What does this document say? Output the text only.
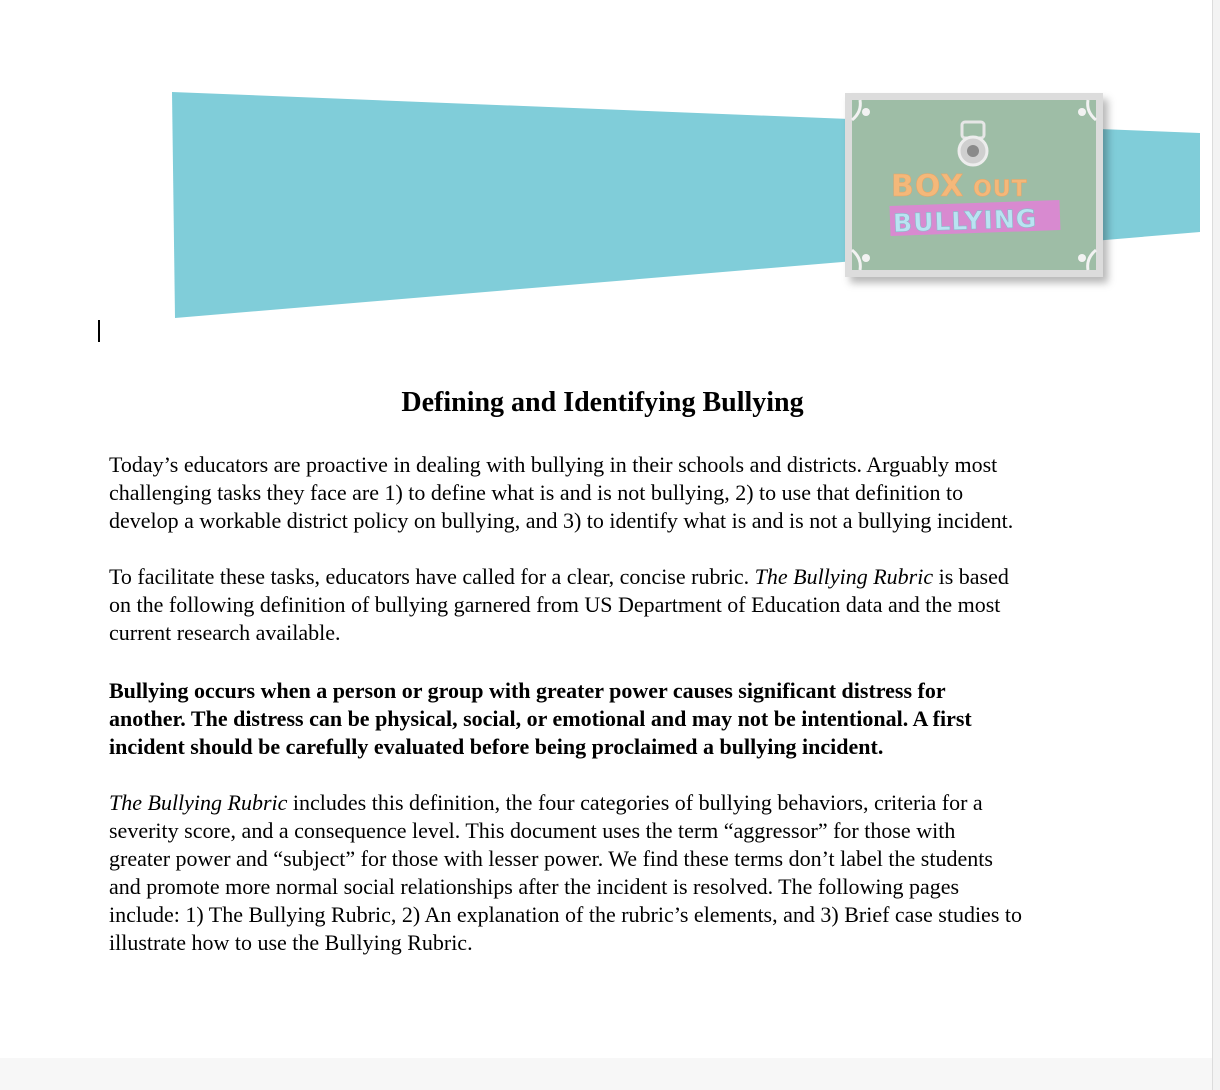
BOX OUT
BULLYING
Defining and Identifying Bullying

Today’s educators are proactive in dealing with bullying in their schools and districts. Arguably most
challenging tasks they face are 1) to define what is and is not bullying, 2) to use that definition to
develop a workable district policy on bullying, and 3) to identify what is and is not a bullying incident.

To facilitate these tasks, educators have called for a clear, concise rubric. The Bullying Rubric is based
on the following definition of bullying garnered from US Department of Education data and the most
current research available.

Bullying occurs when a person or group with greater power causes significant distress for
another. The distress can be physical, social, or emotional and may not be intentional. A first
incident should be carefully evaluated before being proclaimed a bullying incident.

The Bullying Rubric includes this definition, the four categories of bullying behaviors, criteria for a
severity score, and a consequence level. This document uses the term “aggressor” for those with
greater power and “subject” for those with lesser power. We find these terms don’t label the students
and promote more normal social relationships after the incident is resolved. The following pages
include: 1) The Bullying Rubric, 2) An explanation of the rubric’s elements, and 3) Brief case studies to
illustrate how to use the Bullying Rubric.
